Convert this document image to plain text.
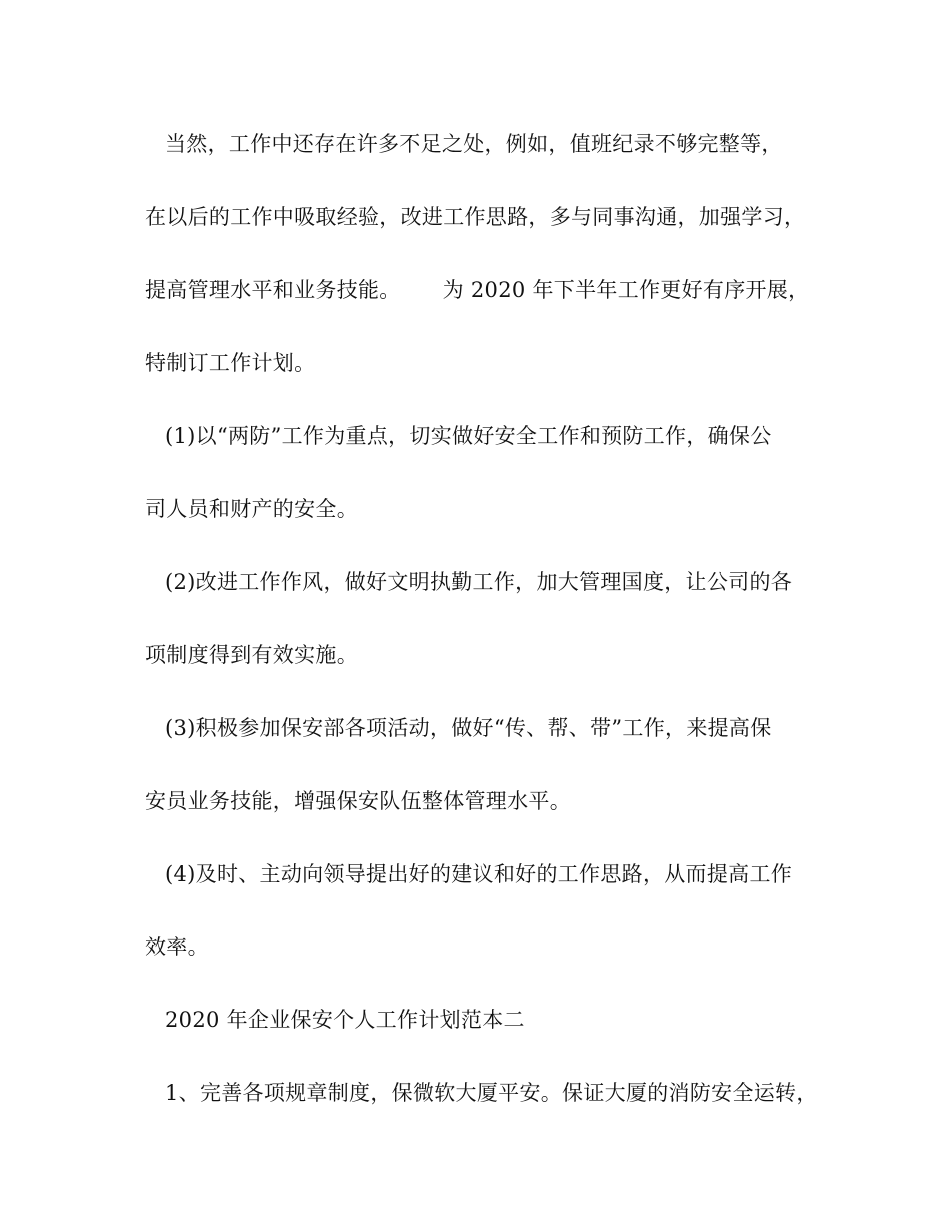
当然，工作中还存在许多不足之处，例如，值班纪录不够完整等，
在以后的工作中吸取经验，改进工作思路，多与同事沟通，加强学习，
提高管理水平和业务技能。 为 2020 年下半年工作更好有序开展，
特制订工作计划。
(1)以“两防”工作为重点，切实做好安全工作和预防工作，确保公
司人员和财产的安全。
(2)改进工作作风，做好文明执勤工作，加大管理国度，让公司的各
项制度得到有效实施。
(3)积极参加保安部各项活动，做好“传、帮、带”工作，来提高保
安员业务技能，增强保安队伍整体管理水平。
(4)及时、主动向领导提出好的建议和好的工作思路，从而提高工作
效率。
2020 年企业保安个人工作计划范本二
1、完善各项规章制度，保微软大厦平安。保证大厦的消防安全运转，
